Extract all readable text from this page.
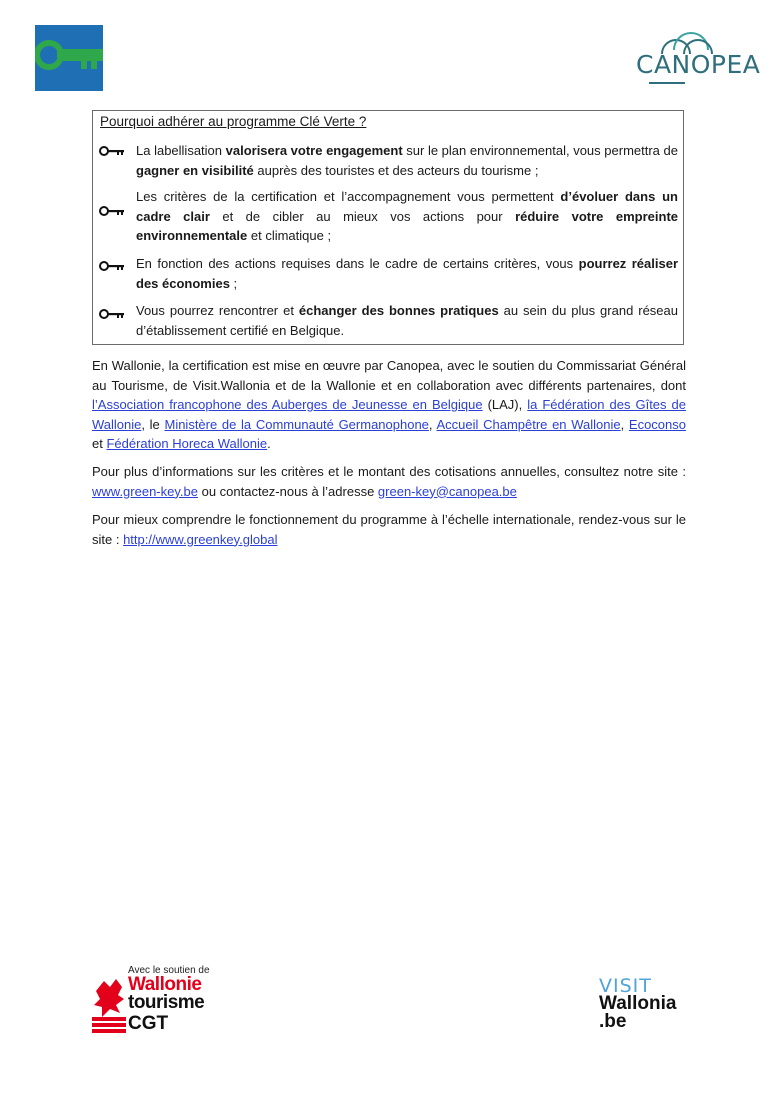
CANOPEA
Pourquoi adhérer au programme Clé Verte ?
La labellisation valorisera votre engagement sur le plan environnemental, vous permettra de gagner en visibilité auprès des touristes et des acteurs du tourisme ;
Les critères de la certification et l’accompagnement vous permettent d’évoluer dans un cadre clair et de cibler au mieux vos actions pour réduire votre empreinte environnementale et climatique ;
En fonction des actions requises dans le cadre de certains critères, vous pourrez réaliser des économies ;
Vous pourrez rencontrer et échanger des bonnes pratiques au sein du plus grand réseau d’établissement certifié en Belgique.
En Wallonie, la certification est mise en œuvre par Canopea, avec le soutien du Commissariat Général au Tourisme, de Visit.Wallonia et de la Wallonie et en collaboration avec différents partenaires, dont l’Association francophone des Auberges de Jeunesse en Belgique (LAJ), la Fédération des Gîtes de Wallonie, le Ministère de la Communauté Germanophone, Accueil Champêtre en Wallonie, Ecoconso et Fédération Horeca Wallonie.
Pour plus d’informations sur les critères et le montant des cotisations annuelles, consultez notre site : www.green-key.be ou contactez-nous à l’adresse green-key@canopea.be
Pour mieux comprendre le fonctionnement du programme à l’échelle internationale, rendez-vous sur le site : http://www.greenkey.global
Avec le soutien de
Wallonie
tourisme
CGT
VISIT
Wallonia
.be
